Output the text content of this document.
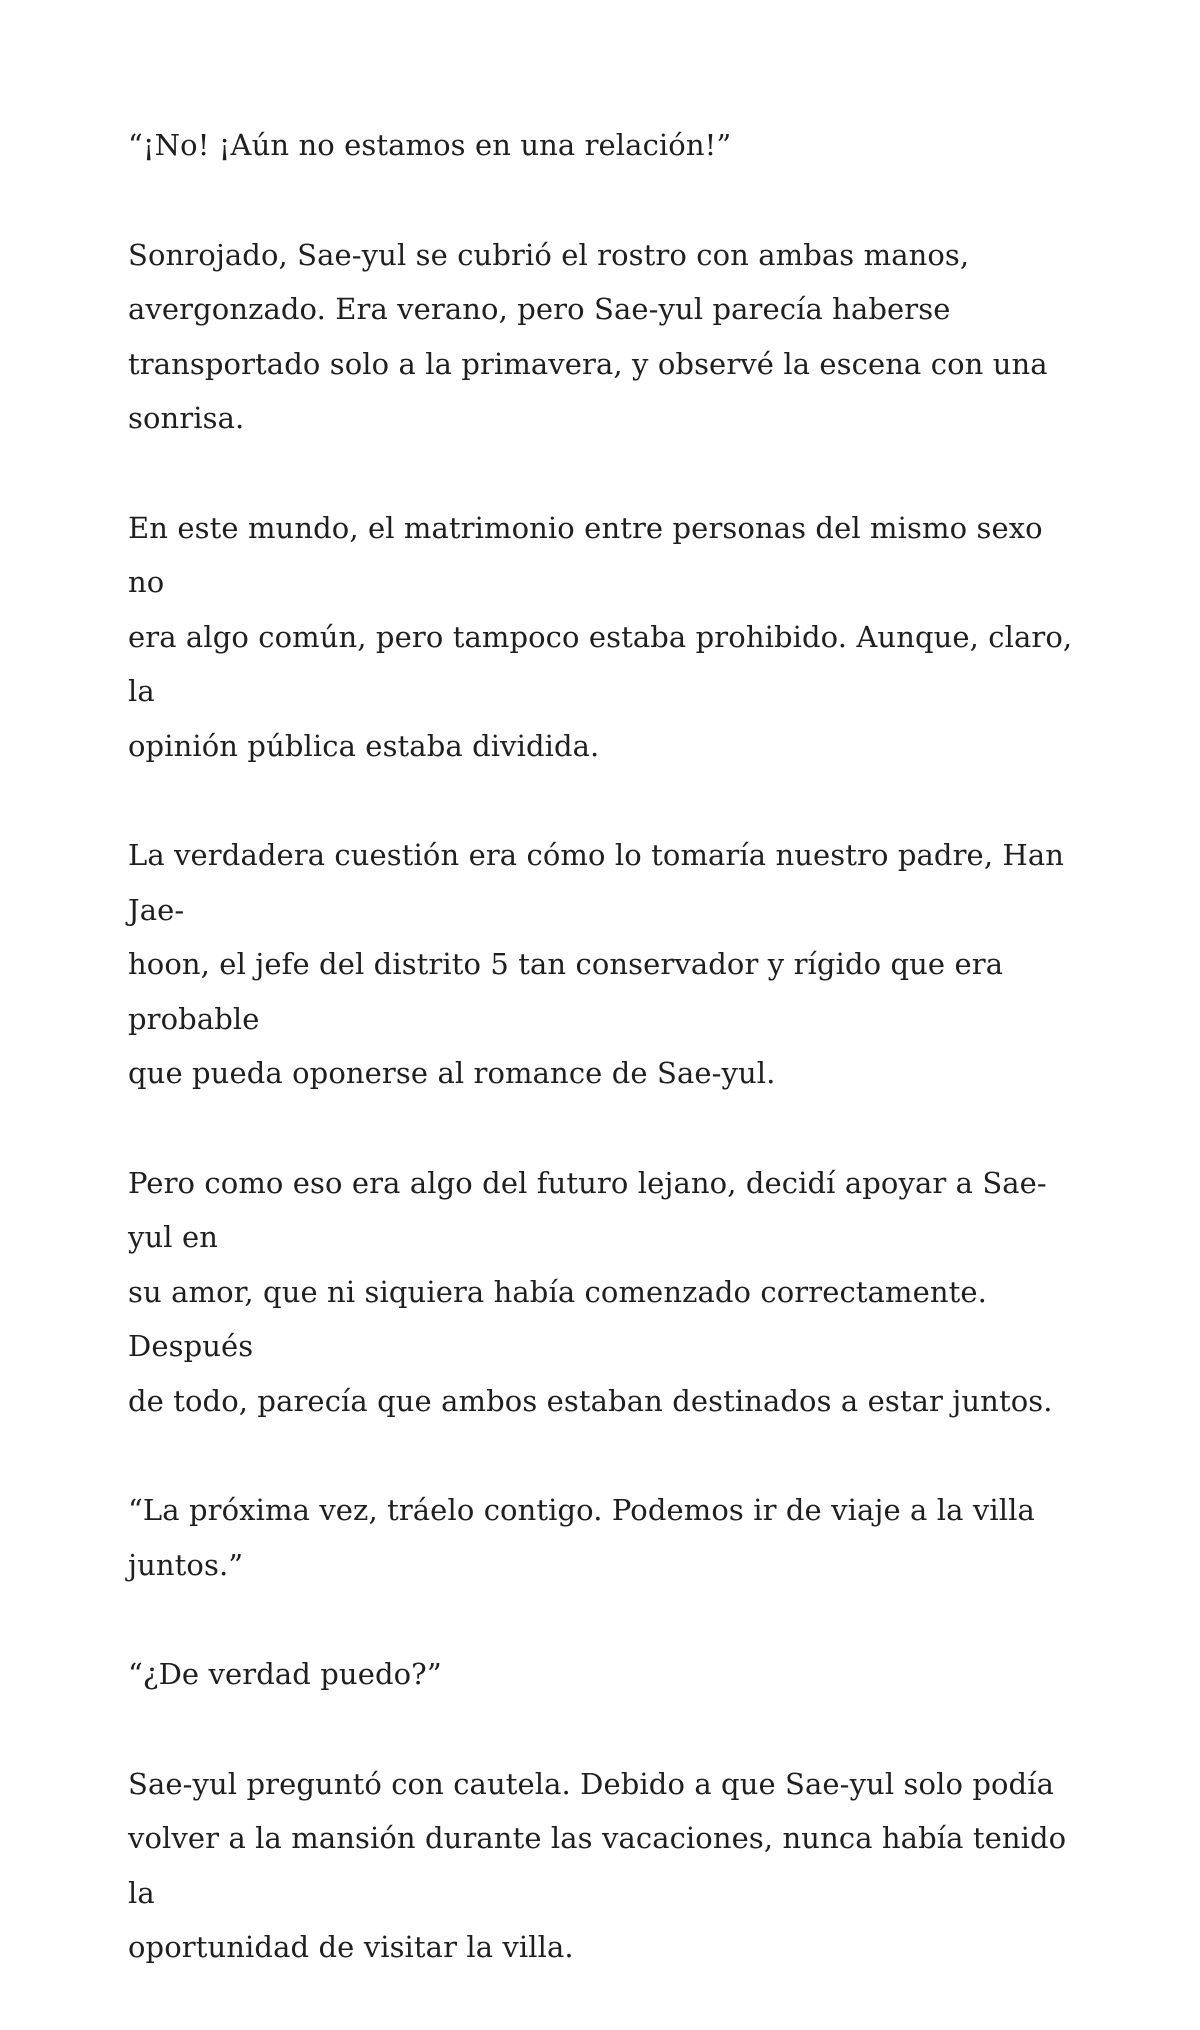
“¡No! ¡Aún no estamos en una relación!”

Sonrojado, Sae-yul se cubrió el rostro con ambas manos,
avergonzado. Era verano, pero Sae-yul parecía haberse
transportado solo a la primavera, y observé la escena con una
sonrisa.

En este mundo, el matrimonio entre personas del mismo sexo no
era algo común, pero tampoco estaba prohibido. Aunque, claro, la
opinión pública estaba dividida.

La verdadera cuestión era cómo lo tomaría nuestro padre, Han Jae-
hoon, el jefe del distrito 5 tan conservador y rígido que era probable
que pueda oponerse al romance de Sae-yul.

Pero como eso era algo del futuro lejano, decidí apoyar a Sae-yul en
su amor, que ni siquiera había comenzado correctamente. Después
de todo, parecía que ambos estaban destinados a estar juntos.

“La próxima vez, tráelo contigo. Podemos ir de viaje a la villa
juntos.”

“¿De verdad puedo?”

Sae-yul preguntó con cautela. Debido a que Sae-yul solo podía
volver a la mansión durante las vacaciones, nunca había tenido la
oportunidad de visitar la villa.
